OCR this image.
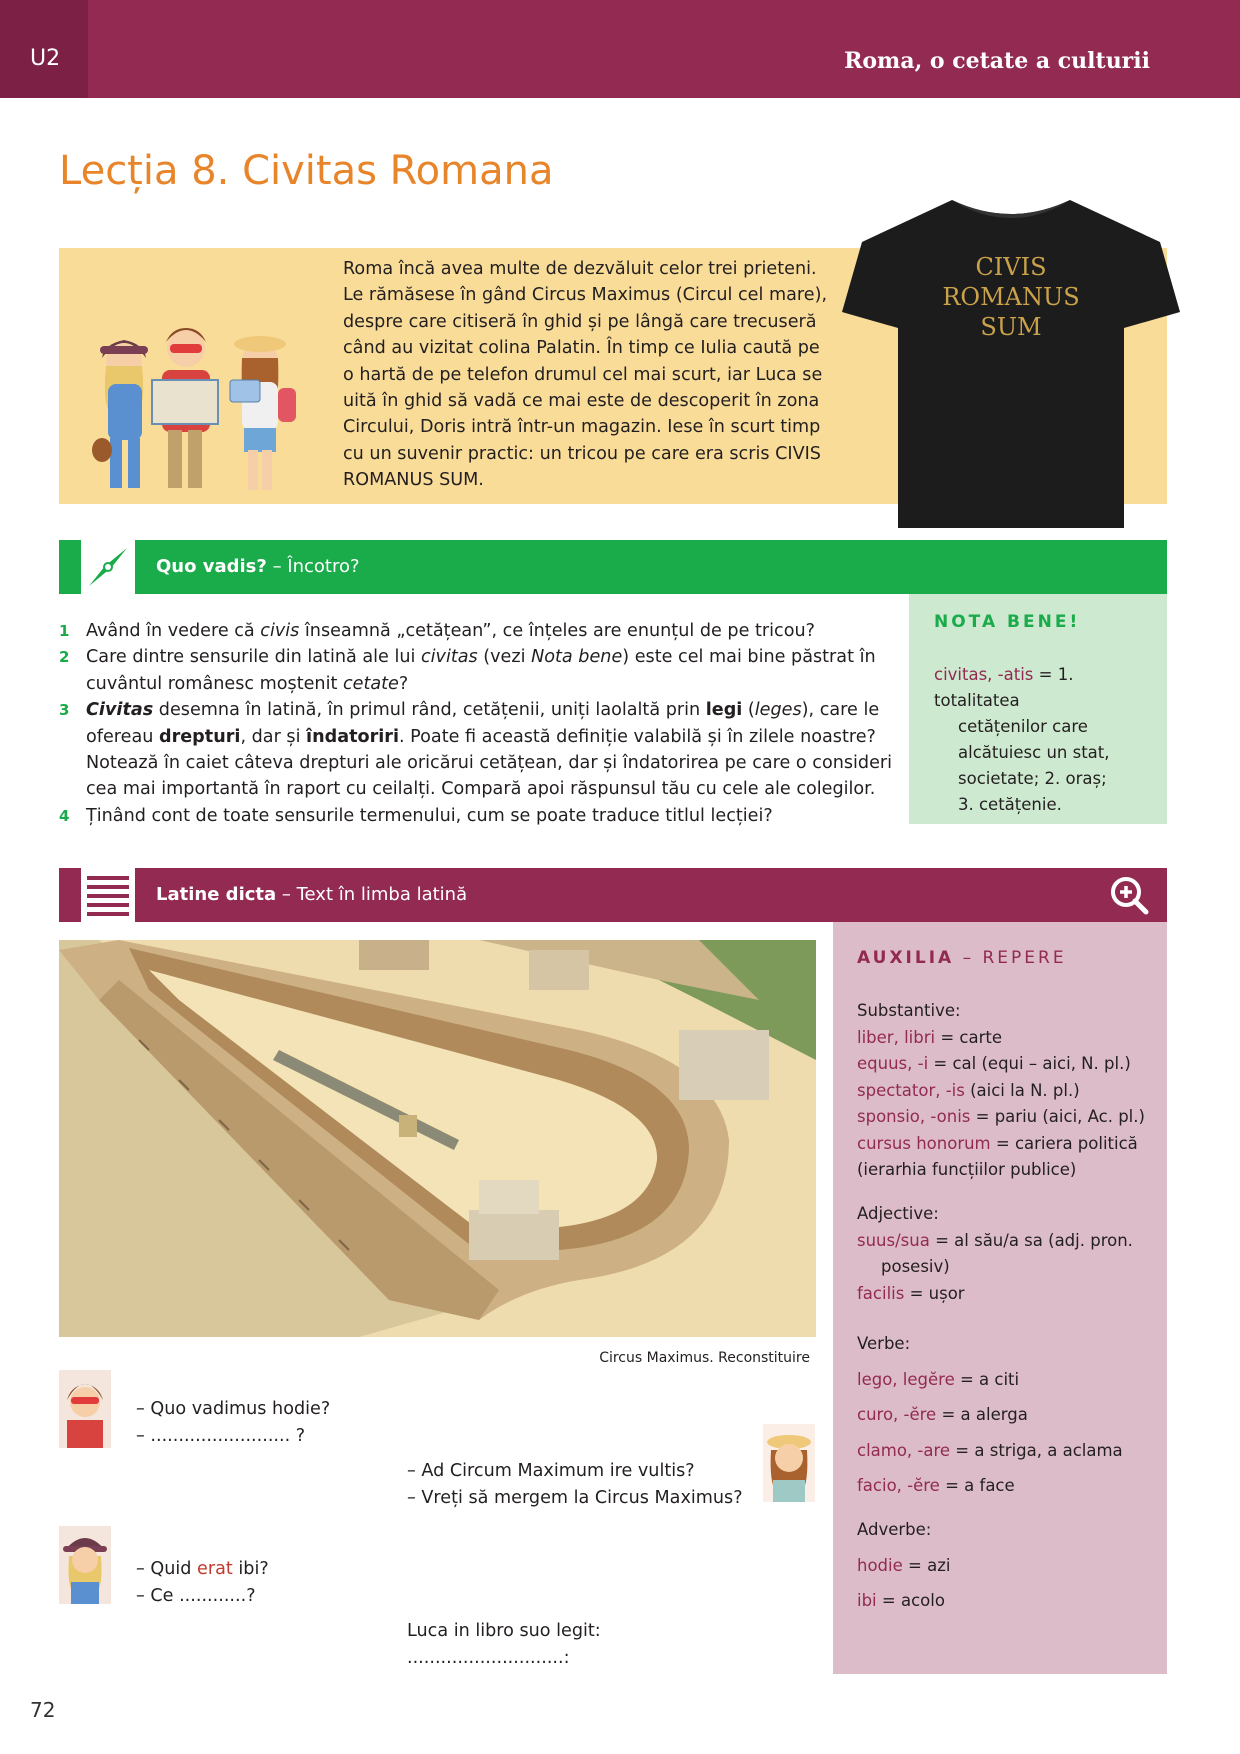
U2	Roma, o cetate a culturii
Lecția 8. Civitas Romana
Roma încă avea multe de dezvăluit celor trei prieteni.
Le rămăsese în gând Circus Maximus (Circul cel mare),
despre care citiseră în ghid și pe lângă care trecuseră
când au vizitat colina Palatin. În timp ce Iulia caută pe
o hartă de pe telefon drumul cel mai scurt, iar Luca se
uită în ghid să vadă ce mai este de descoperit în zona
Circului, Doris intră într-un magazin. Iese în scurt timp
cu un suvenir practic: un tricou pe care era scris CIVIS
ROMANUS SUM.
CIVIS
ROMANUS
SUM
Quo vadis? – Încotro?
1 Având în vedere că civis înseamnă „cetățean”, ce înțeles are enunțul de pe tricou?
2 Care dintre sensurile din latină ale lui civitas (vezi Nota bene) este cel mai bine păstrat în cuvântul românesc moștenit cetate?
3 Civitas desemna în latină, în primul rând, cetățenii, uniți laolaltă prin legi (leges), care le ofereau drepturi, dar și îndatoriri. Poate fi această definiție valabilă și în zilele noastre? Notează în caiet câteva drepturi ale oricărui cetățean, dar și îndatorirea pe care o consideri cea mai importantă în raport cu ceilalți. Compară apoi răspunsul tău cu cele ale colegilor.
4 Ținând cont de toate sensurile termenului, cum se poate traduce titlul lecției?
NOTA BENE!
civitas, -atis = 1. totalitatea
cetățenilor care
alcătuiesc un stat,
societate; 2. oraș;
3. cetățenie.
Latine dicta – Text în limba latină
Circus Maximus. Reconstituire
AUXILIA – REPERE
Substantive:
liber, libri = carte
equus, -i = cal (equi – aici, N. pl.)
spectator, -is (aici la N. pl.)
sponsio, -onis = pariu (aici, Ac. pl.)
cursus honorum = cariera politică
(ierarhia funcțiilor publice)
Adjective:
suus/sua = al său/a sa (adj. pron.
posesiv)
facilis = ușor
Verbe:
lego, legĕre = a citi
curo, -ĕre = a alerga
clamo, -are = a striga, a aclama
facio, -ĕre = a face
Adverbe:
hodie = azi
ibi = acolo
– Quo vadimus hodie?
– ......................... ?
– Ad Circum Maximum ire vultis?
– Vreți să mergem la Circus Maximus?
– Quid erat ibi?
– Ce ............?
Luca in libro suo legit:
............................:
72
